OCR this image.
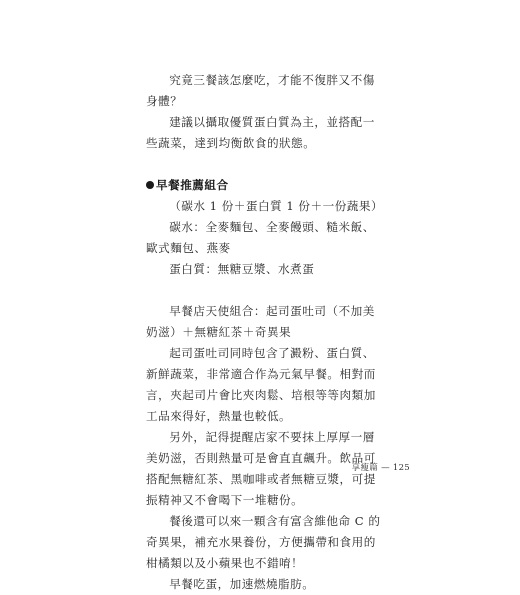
究竟三餐該怎麼吃，才能不復胖又不傷身體？

建議以攝取優質蛋白質為主，並搭配一些蔬菜，達到均衡飲食的狀態。

早餐推薦組合

（碳水 1 份＋蛋白質 1 份＋一份蔬果）

碳水：全麥麵包、全麥饅頭、糙米飯、歐式麵包、燕麥

蛋白質：無糖豆漿、水煮蛋

早餐店天使組合：起司蛋吐司（不加美奶滋）＋無糖紅茶＋奇異果

起司蛋吐司同時包含了澱粉、蛋白質、新鮮蔬菜，非常適合作為元氣早餐。相對而言，夾起司片會比夾肉鬆、培根等等肉類加工品來得好，熱量也較低。

另外，記得提醒店家不要抹上厚厚一層美奶滋，否則熱量可是會直直飆升。飲品可搭配無糖紅茶、黑咖啡或者無糖豆漿，可提振精神又不會喝下一堆糖份。

餐後還可以來一顆含有富含維他命 C 的奇異果，補充水果養份，方便攜帶和食用的柑橘類以及小蘋果也不錯唷！

早餐吃蛋，加速燃燒脂肪。

享瘦篇 — 125
